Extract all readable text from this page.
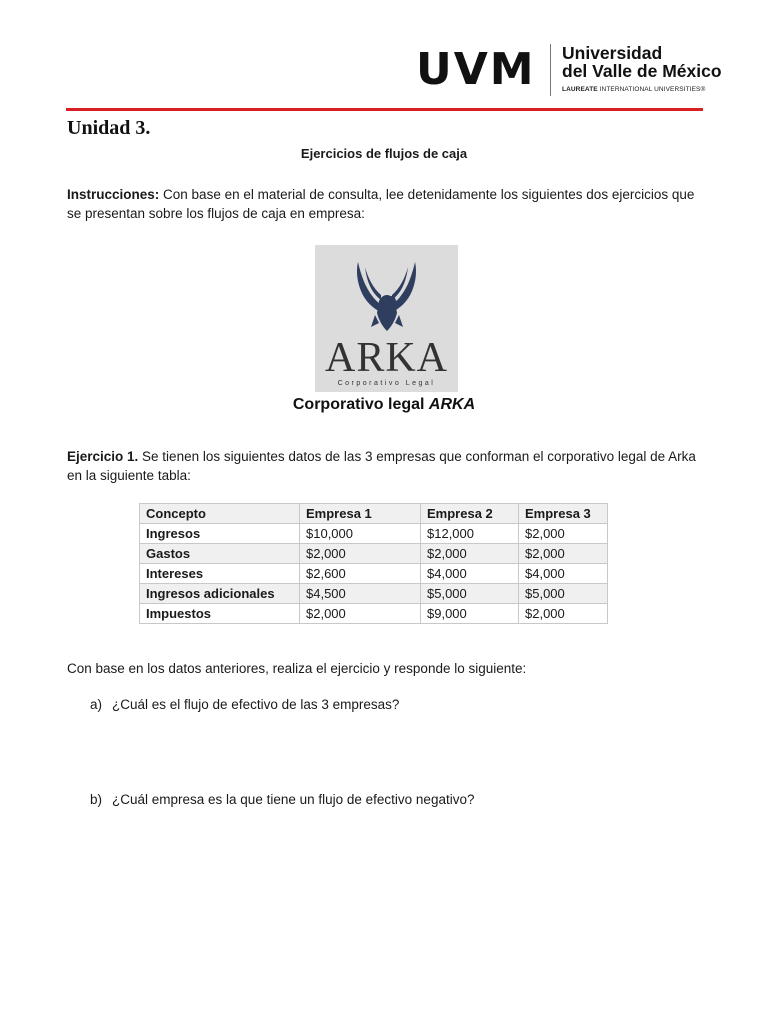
UVM Universidad
del Valle de México
LAUREATE INTERNATIONAL UNIVERSITIES®
Unidad 3.
Ejercicios de flujos de caja
Instrucciones: Con base en el material de consulta, lee detenidamente los siguientes dos ejercicios que se presentan sobre los flujos de caja en empresa:
ARKA
Corporativo Legal
Corporativo legal ARKA
Ejercicio 1. Se tienen los siguientes datos de las 3 empresas que conforman el corporativo legal de Arka en la siguiente tabla:
Concepto	Empresa 1	Empresa 2	Empresa 3
Ingresos	$10,000	$12,000	$2,000
Gastos	$2,000	$2,000	$2,000
Intereses	$2,600	$4,000	$4,000
Ingresos adicionales	$4,500	$5,000	$5,000
Impuestos	$2,000	$9,000	$2,000
Con base en los datos anteriores, realiza el ejercicio y responde lo siguiente:
a) ¿Cuál es el flujo de efectivo de las 3 empresas?
b) ¿Cuál empresa es la que tiene un flujo de efectivo negativo?
